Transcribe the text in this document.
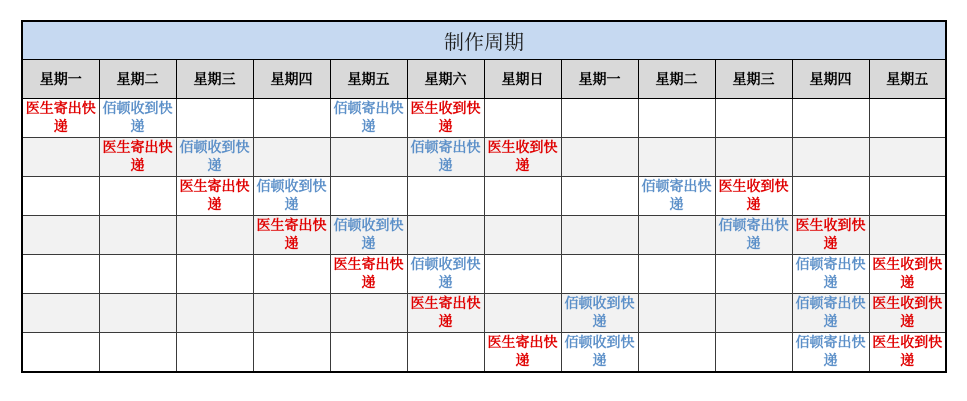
制作周期											
星期一	星期二	星期三	星期四	星期五	星期六	星期日	星期一	星期二	星期三	星期四	星期五
医生寄出快递	佰顿收到快递			佰顿寄出快递	医生收到快递						
	医生寄出快递	佰顿收到快递			佰顿寄出快递	医生收到快递					
		医生寄出快递	佰顿收到快递					佰顿寄出快递	医生收到快递		
			医生寄出快递	佰顿收到快递					佰顿寄出快递	医生收到快递	
				医生寄出快递	佰顿收到快递					佰顿寄出快递	医生收到快递
					医生寄出快递		佰顿收到快递			佰顿寄出快递	医生收到快递
						医生寄出快递	佰顿收到快递			佰顿寄出快递	医生收到快递
